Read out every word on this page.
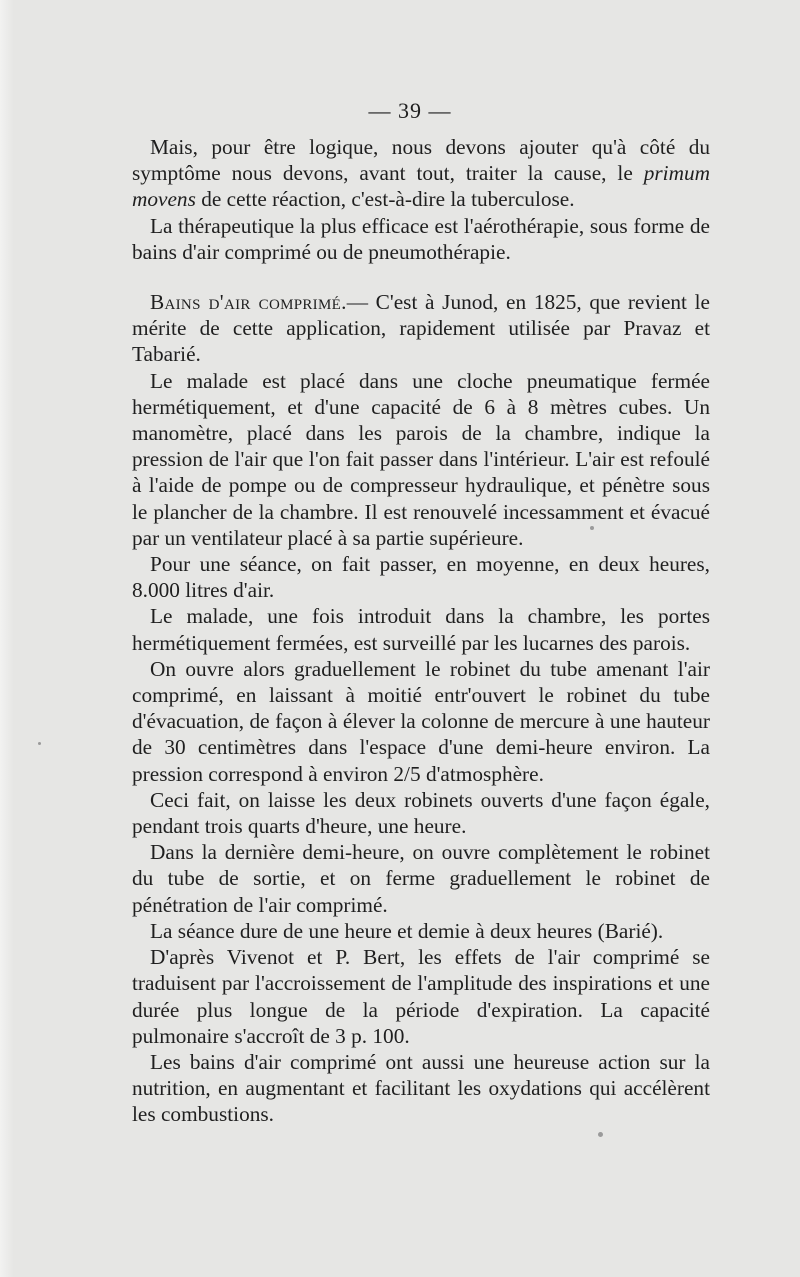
— 39 —

Mais, pour être logique, nous devons ajouter qu'à côté du symptôme nous devons, avant tout, traiter la cause, le primum movens de cette réaction, c'est-à-dire la tuberculose.

La thérapeutique la plus efficace est l'aérothérapie, sous forme de bains d'air comprimé ou de pneumothérapie.

Bains d'air comprimé.— C'est à Junod, en 1825, que revient le mérite de cette application, rapidement utilisée par Pravaz et Tabarié.

Le malade est placé dans une cloche pneumatique fermée hermétiquement, et d'une capacité de 6 à 8 mètres cubes. Un manomètre, placé dans les parois de la chambre, indique la pression de l'air que l'on fait passer dans l'intérieur. L'air est refoulé à l'aide de pompe ou de compresseur hydraulique, et pénètre sous le plancher de la chambre. Il est renouvelé incessamment et évacué par un ventilateur placé à sa partie supérieure.

Pour une séance, on fait passer, en moyenne, en deux heures, 8.000 litres d'air.

Le malade, une fois introduit dans la chambre, les portes hermétiquement fermées, est surveillé par les lucarnes des parois.

On ouvre alors graduellement le robinet du tube amenant l'air comprimé, en laissant à moitié entr'ouvert le robinet du tube d'évacuation, de façon à élever la colonne de mercure à une hauteur de 30 centimètres dans l'espace d'une demi-heure environ. La pression correspond à environ 2/5 d'atmosphère.

Ceci fait, on laisse les deux robinets ouverts d'une façon égale, pendant trois quarts d'heure, une heure.

Dans la dernière demi-heure, on ouvre complètement le robinet du tube de sortie, et on ferme graduellement le robinet de pénétration de l'air comprimé.

La séance dure de une heure et demie à deux heures (Barié).

D'après Vivenot et P. Bert, les effets de l'air comprimé se traduisent par l'accroissement de l'amplitude des inspirations et une durée plus longue de la période d'expiration. La capacité pulmonaire s'accroît de 3 p. 100.

Les bains d'air comprimé ont aussi une heureuse action sur la nutrition, en augmentant et facilitant les oxydations qui accélèrent les combustions.
